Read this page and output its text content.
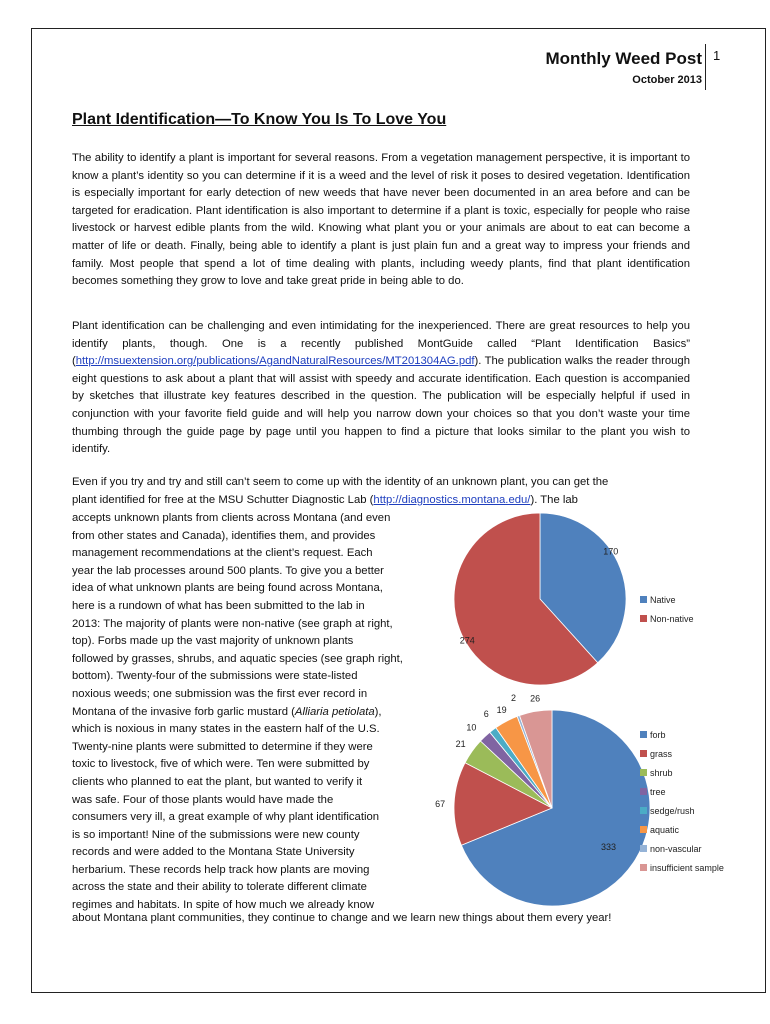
Monthly Weed Post
October 2013
1
Plant Identification—To Know You Is To Love You

The ability to identify a plant is important for several reasons. From a vegetation management perspective, it is important to know a plant’s identity so you can determine if it is a weed and the level of risk it poses to desired vegetation. Identification is especially important for early detection of new weeds that have never been documented in an area before and can be targeted for eradication. Plant identification is also important to determine if a plant is toxic, especially for people who raise livestock or harvest edible plants from the wild. Knowing what plant you or your animals are about to eat can become a matter of life or death. Finally, being able to identify a plant is just plain fun and a great way to impress your friends and family. Most people that spend a lot of time dealing with plants, including weedy plants, find that plant identification becomes something they grow to love and take great pride in being able to do.

Plant identification can be challenging and even intimidating for the inexperienced. There are great resources to help you identify plants, though. One is a recently published MontGuide called “Plant Identification Basics” (http://msuextension.org/publications/AgandNaturalResources/MT201304AG.pdf). The publication walks the reader through eight questions to ask about a plant that will assist with speedy and accurate identification. Each question is accompanied by sketches that illustrate key features described in the question. The publication will be especially helpful if used in conjunction with your favorite field guide and will help you narrow down your choices so that you don’t waste your time thumbing through the guide page by page until you happen to find a picture that looks similar to the plant you wish to identify.

Even if you try and try and still can’t seem to come up with the identity of an unknown plant, you can get the
plant identified for free at the MSU Schutter Diagnostic Lab (http://diagnostics.montana.edu/). The lab
accepts unknown plants from clients across Montana (and even
from other states and Canada), identifies them, and provides
management recommendations at the client’s request. Each
year the lab processes around 500 plants. To give you a better
idea of what unknown plants are being found across Montana,
here is a rundown of what has been submitted to the lab in
2013: The majority of plants were non-native (see graph at right,
top). Forbs made up the vast majority of unknown plants
followed by grasses, shrubs, and aquatic species (see graph right,
bottom). Twenty-four of the submissions were state-listed
noxious weeds; one submission was the first ever record in
Montana of the invasive forb garlic mustard (Alliaria petiolata),
which is noxious in many states in the eastern half of the U.S.
Twenty-nine plants were submitted to determine if they were
toxic to livestock, five of which were. Ten were submitted by
clients who planned to eat the plant, but wanted to verify it
was safe. Four of those plants would have made the
consumers very ill, a great example of why plant identification
is so important! Nine of the submissions were new county
records and were added to the Montana State University
herbarium. These records help track how plants are moving
across the state and their ability to tolerate different climate
regimes and habitats. In spite of how much we already know
about Montana plant communities, they continue to change and we learn new things about them every year!
170
274
Native
Non-native
333
67
21
10
6 19
2 26
forb
grass
shrub
tree
sedge/rush
aquatic
non-vascular
insufficient sample
